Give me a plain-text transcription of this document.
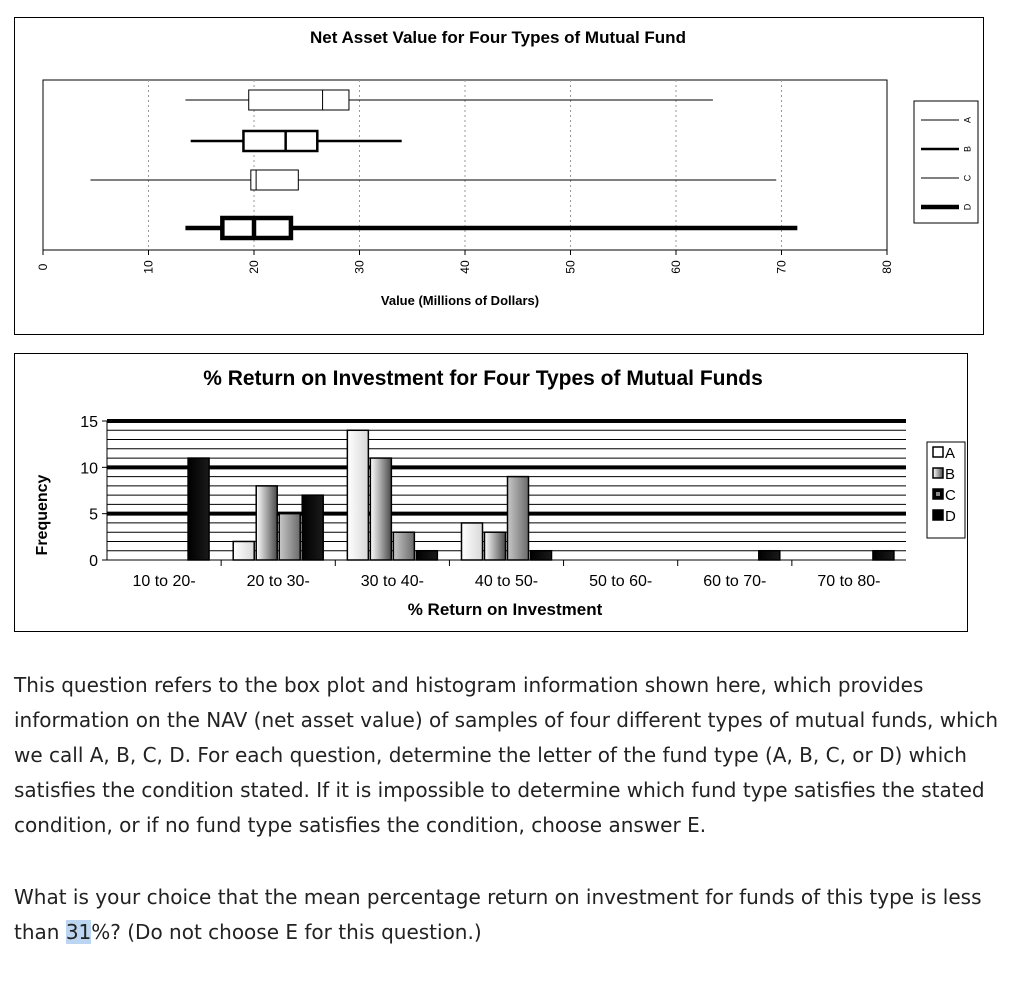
Net Asset Value for Four Types of Mutual Fund
0	10	20	30	40	50	60	70	80
Value (Millions of Dollars)
A
B
C
D
% Return on Investment for Four Types of Mutual Funds
0
5
10
15
10 to 20-	20 to 30-	30 to 40-	40 to 50-	50 to 60-	60 to 70-	70 to 80-
% Return on Investment
Frequency
A
B
C
D

This question refers to the box plot and histogram information shown here, which provides information on the NAV (net asset value) of samples of four different types of mutual funds, which we call A, B, C, D. For each question, determine the letter of the fund type (A, B, C, or D) which satisfies the condition stated. If it is impossible to determine which fund type satisfies the stated condition, or if no fund type satisfies the condition, choose answer E.

What is your choice that the mean percentage return on investment for funds of this type is less than 31%? (Do not choose E for this question.)
